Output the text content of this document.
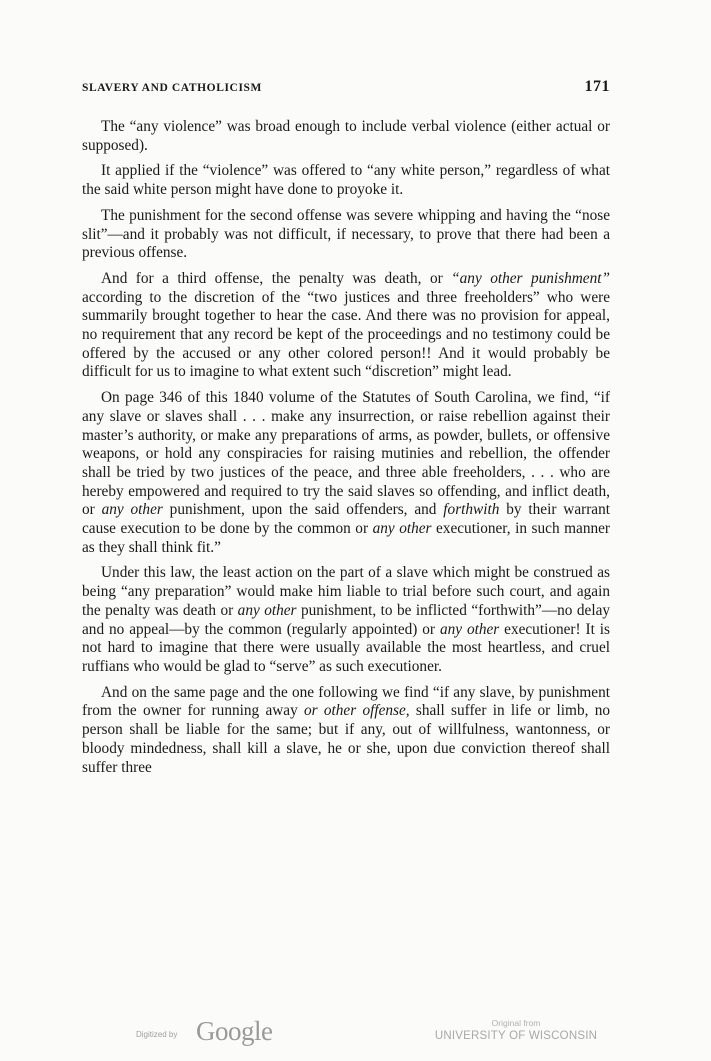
SLAVERY AND CATHOLICISM	171

The “any violence” was broad enough to include verbal violence (either actual or supposed).

It applied if the “violence” was offered to “any white person,” regardless of what the said white person might have done to proyoke it.

The punishment for the second offense was severe whipping and having the “nose slit”—and it probably was not difficult, if necessary, to prove that there had been a previous offense.

And for a third offense, the penalty was death, or “any other punishment” according to the discretion of the “two justices and three freeholders” who were summarily brought together to hear the case. And there was no provision for appeal, no requirement that any record be kept of the proceedings and no testimony could be offered by the accused or any other colored person!! And it would probably be difficult for us to imagine to what extent such “discretion” might lead.

On page 346 of this 1840 volume of the Statutes of South Carolina, we find, “if any slave or slaves shall . . . make any insurrection, or raise rebellion against their master’s authority, or make any preparations of arms, as powder, bullets, or offensive weapons, or hold any conspiracies for raising mutinies and rebellion, the offender shall be tried by two justices of the peace, and three able freeholders, . . . who are hereby empowered and required to try the said slaves so offending, and inflict death, or any other punishment, upon the said offenders, and forthwith by their warrant cause execution to be done by the common or any other executioner, in such manner as they shall think fit.”

Under this law, the least action on the part of a slave which might be construed as being “any preparation” would make him liable to trial before such court, and again the penalty was death or any other punishment, to be inflicted “forthwith”—no delay and no appeal—by the common (regularly appointed) or any other executioner! It is not hard to imagine that there were usually available the most heartless, and cruel ruffians who would be glad to “serve” as such executioner.

And on the same page and the one following we find “if any slave, by punishment from the owner for running away or other offense, shall suffer in life or limb, no person shall be liable for the same; but if any, out of willfulness, wantonness, or bloody mindedness, shall kill a slave, he or she, upon due conviction thereof shall suffer three

Digitized by Google	Original from
UNIVERSITY OF WISCONSIN
